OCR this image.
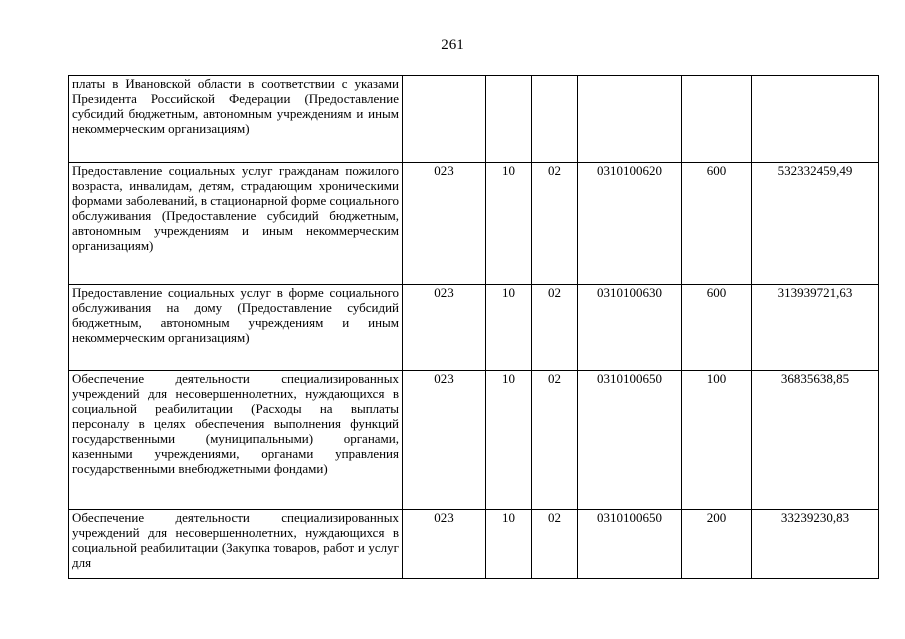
261
платы в Ивановской области в соответствии с указами Президента Российской Федерации (Предоставление субсидий бюджетным, автономным учреждениям и иным некоммерческим организациям)						
Предоставление социальных услуг гражданам пожилого возраста, инвалидам, детям, страдающим хроническими формами заболеваний, в стационарной форме социального обслуживания (Предоставление субсидий бюджетным, автономным учреждениям и иным некоммерческим организациям)	023	10	02	0310100620	600	532332459,49
Предоставление социальных услуг в форме социального обслуживания на дому (Предоставление субсидий бюджетным, автономным учреждениям и иным некоммерческим организациям)	023	10	02	0310100630	600	313939721,63
Обеспечение деятельности специализированных учреждений для несовершеннолетних, нуждающихся в социальной реабилитации (Расходы на выплаты персоналу в целях обеспечения выполнения функций государственными (муниципальными) органами, казенными учреждениями, органами управления государственными внебюджетными фондами)	023	10	02	0310100650	100	36835638,85
Обеспечение деятельности специализированных учреждений для несовершеннолетних, нуждающихся в социальной реабилитации (Закупка товаров, работ и услуг для	023	10	02	0310100650	200	33239230,83
